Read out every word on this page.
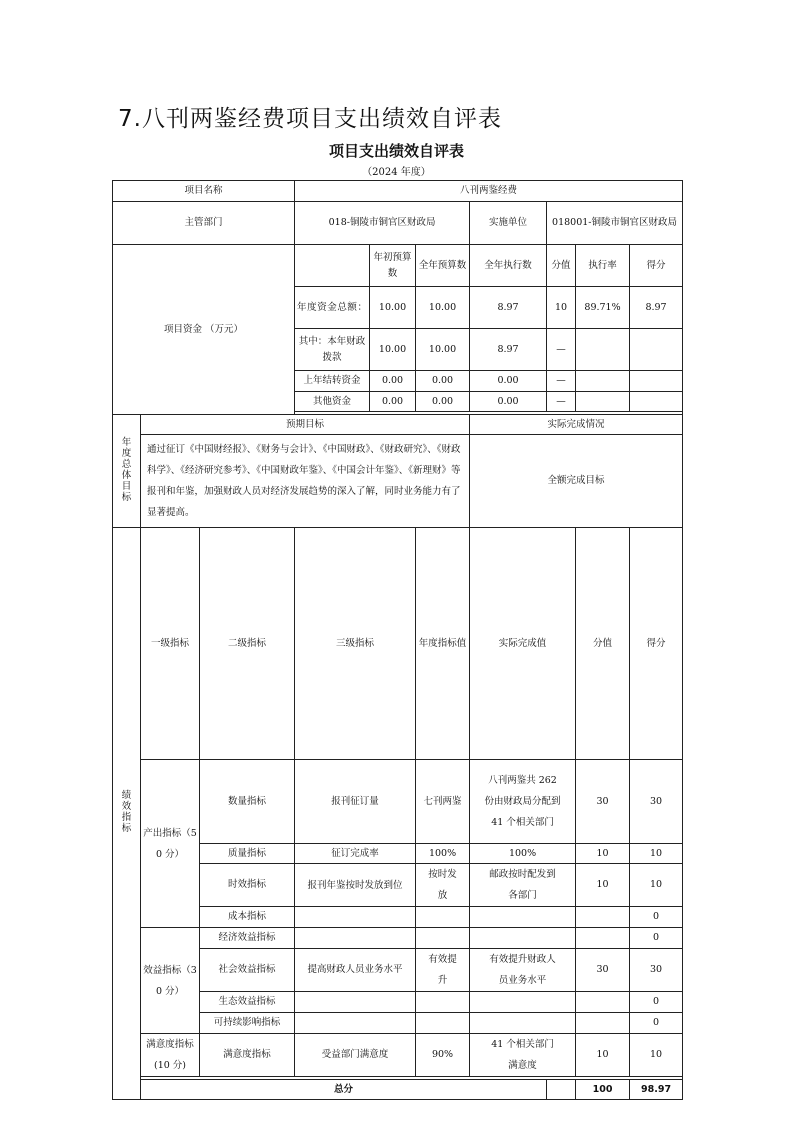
7.八刊两鉴经费项目支出绩效自评表
项目支出绩效自评表
（2024 年度）
项目名称			八刊两鉴经费							
主管部门			018-铜陵市铜官区财政局			实施单位	018001-铜陵市铜官区财政局			
项目资金 （万元）				年初预算数	全年预算数	全年执行数	分值	执行率	得分	
			年度资金总额：	10.00	10.00	8.97	10	89.71%	8.97	
			其中：本年财政拨款	10.00	10.00	8.97	—			
			上年结转资金	0.00	0.00	0.00	—			
			其他资金	0.00	0.00	0.00	—			

年度总体目标	预期目标					实际完成情况				
	通过征订《中国财经报》、《财务与会计》、《中国财政》、《财政研究》、《财政科学》、《经济研究参考》、《中国财政年鉴》、《中国会计年鉴》、《新理财》等报刊和年鉴，加强财政人员对经济发展趋势的深入了解，同时业务能力有了显著提高。					全额完成目标				
绩效指标	一级指标	二级指标	三级指标		年度指标值	实际完成值		分值	得分	
	产出指标（50 分）	数量指标	报刊征订量		七刊两鉴	八刊两鉴共 262 份由财政局分配到 41 个相关部门		30	30	
		质量指标	征订完成率		100%	100%		10	10	
		时效指标	报刊年鉴按时发放到位		按时发放	邮政按时配发到各部门		10	10	
		成本指标							0	
	效益指标（30 分）	经济效益指标							0	
		社会效益指标	提高财政人员业务水平		有效提升	有效提升财政人员业务水平		30	30	
		生态效益指标							0	
		可持续影响指标							0	
	满意度指标(10 分)	满意度指标	受益部门满意度		90%	41 个相关部门满意度		10	10	

	总分							100	98.97	
